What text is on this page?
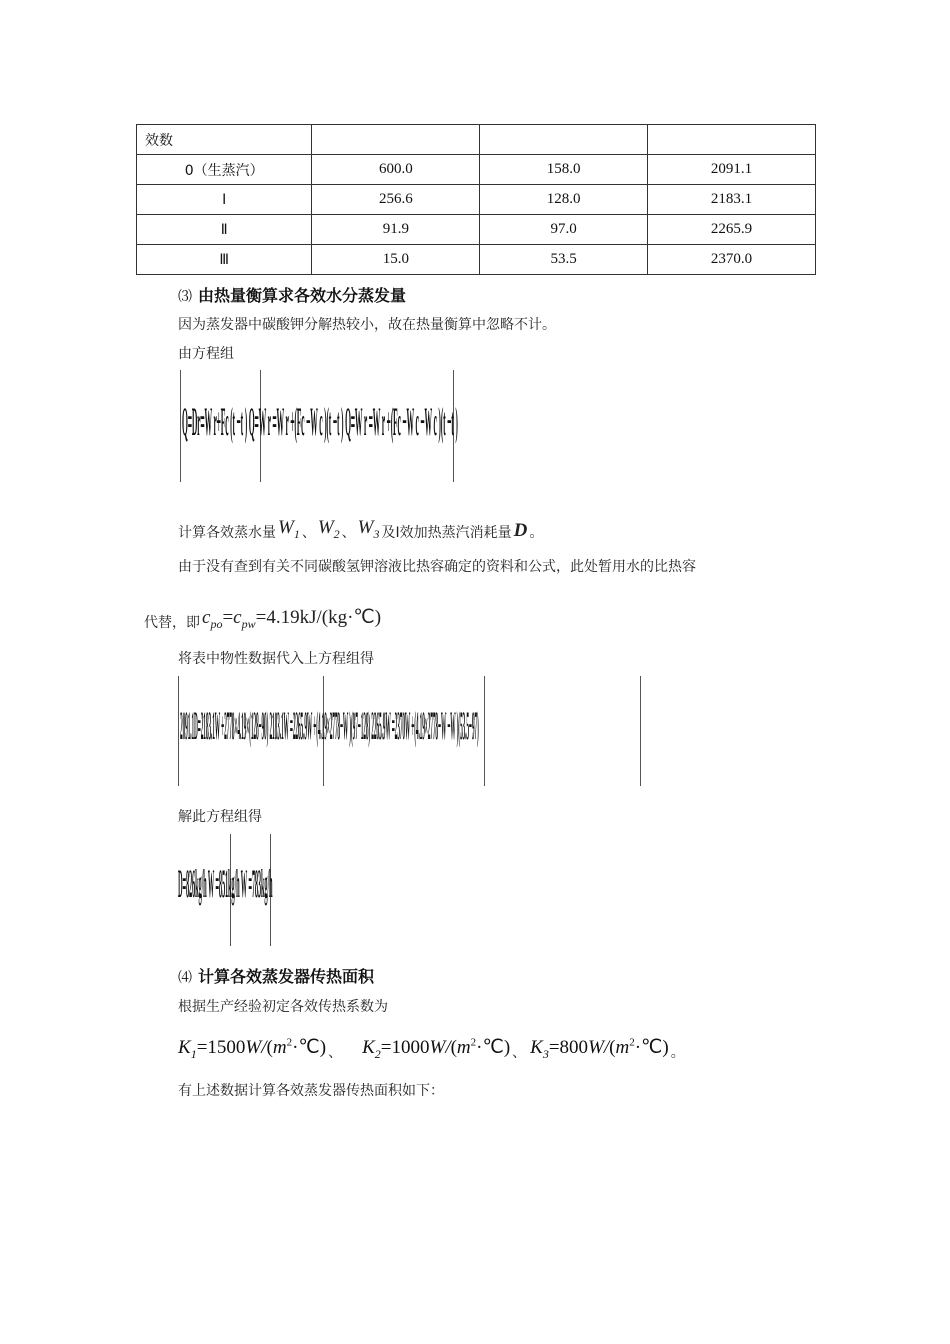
效数			
0（生蒸汽）	600.0	158.0	2091.1
Ⅰ	256.6	128.0	2183.1
Ⅱ	91.9	97.0	2265.9
Ⅲ	15.0	53.5	2370.0
⑶ 由热量衡算求各效水分蒸发量
因为蒸发器中碳酸钾分解热较小，故在热量衡算中忽略不计。
由方程组
Q=Dr=W r+Fc (t −t ) Q=W r =W r +(Fc −W c )(t −t ) Q=W r =W r +(Fc −W c −W c )(t −t )
计算各效蒸水量 $W_1$ 、 $W_2$ 、 $W_3$ 及Ⅰ效加热蒸汽消耗量 D 。
由于没有查到有关不同碳酸氢钾溶液比热容确定的资料和公式，此处暂用水的比热容
代替，即 $c_{po}=c_{pw}=4.19kJ/(kg\cdot℃)$
将表中物性数据代入上方程组得
2091.1D=2183.1W +2778×4.19×(128−90) 2183.1W =2265.9W +(4.19×2778−W )(97−128) 2265.9W =2370W +(4.19×2778−W −W )(53.5−97)
解此方程组得
D=826kg/h W =851kg/h W =783kg/h
⑷ 计算各效蒸发器传热面积
根据生产经验初定各效传热系数为
$K_1=1500W/(m^2\cdot℃)$ 、 $K_2=1000W/(m^2\cdot℃)$ 、 $K_3=800W/(m^2\cdot℃)$ 。
有上述数据计算各效蒸发器传热面积如下：
